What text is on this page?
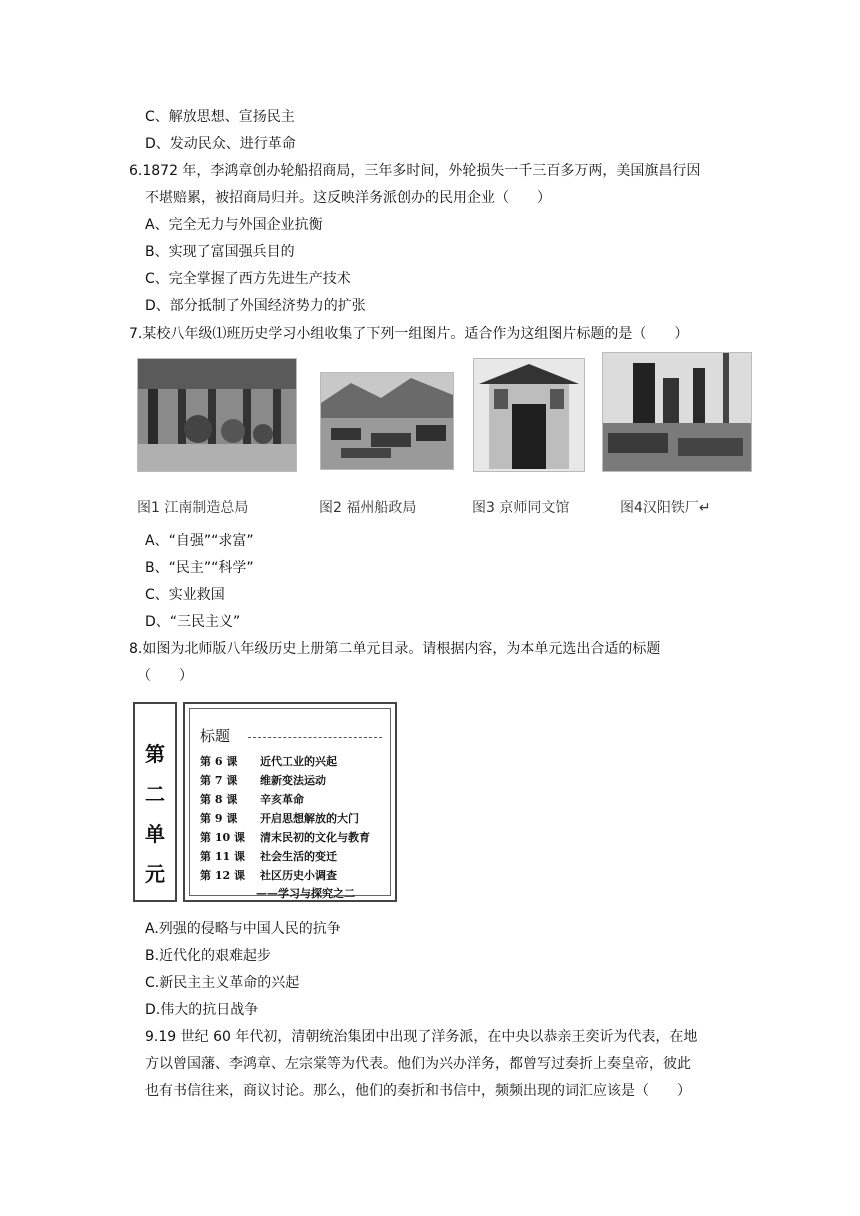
C、解放思想、宣扬民主
D、发动民众、进行革命
6.1872 年，李鸿章创办轮船招商局，三年多时间，外轮损失一千三百多万两，美国旗昌行因
不堪赔累，被招商局归并。这反映洋务派创办的民用企业（　　）
A、完全无力与外国企业抗衡
B、实现了富国强兵目的
C、完全掌握了西方先进生产技术
D、部分抵制了外国经济势力的扩张
7.某校八年级⑴班历史学习小组收集了下列一组图片。适合作为这组图片标题的是（　　）
图1 江南制造总局	图2 福州船政局	图3 京师同文馆	图4汉阳铁厂↵
A、“自强”“求富”
B、“民主”“科学”
C、实业救国
D、“三民主义”
8.如图为北师版八年级历史上册第二单元目录。请根据内容，为本单元选出合适的标题
（　　）
第
二
单
元
标题
第 6 课 近代工业的兴起
第 7 课 维新变法运动
第 8 课 辛亥革命
第 9 课 开启思想解放的大门
第 10 课 清末民初的文化与教育
第 11 课 社会生活的变迁
第 12 课 社区历史小调查
——学习与探究之二
A.列强的侵略与中国人民的抗争
B.近代化的艰难起步
C.新民主主义革命的兴起
D.伟大的抗日战争
9.19 世纪 60 年代初，清朝统治集团中出现了洋务派，在中央以恭亲王奕䜣为代表，在地
方以曾国藩、李鸿章、左宗棠等为代表。他们为兴办洋务，都曾写过奏折上奏皇帝，彼此
也有书信往来，商议讨论。那么，他们的奏折和书信中，频频出现的词汇应该是（　　）
